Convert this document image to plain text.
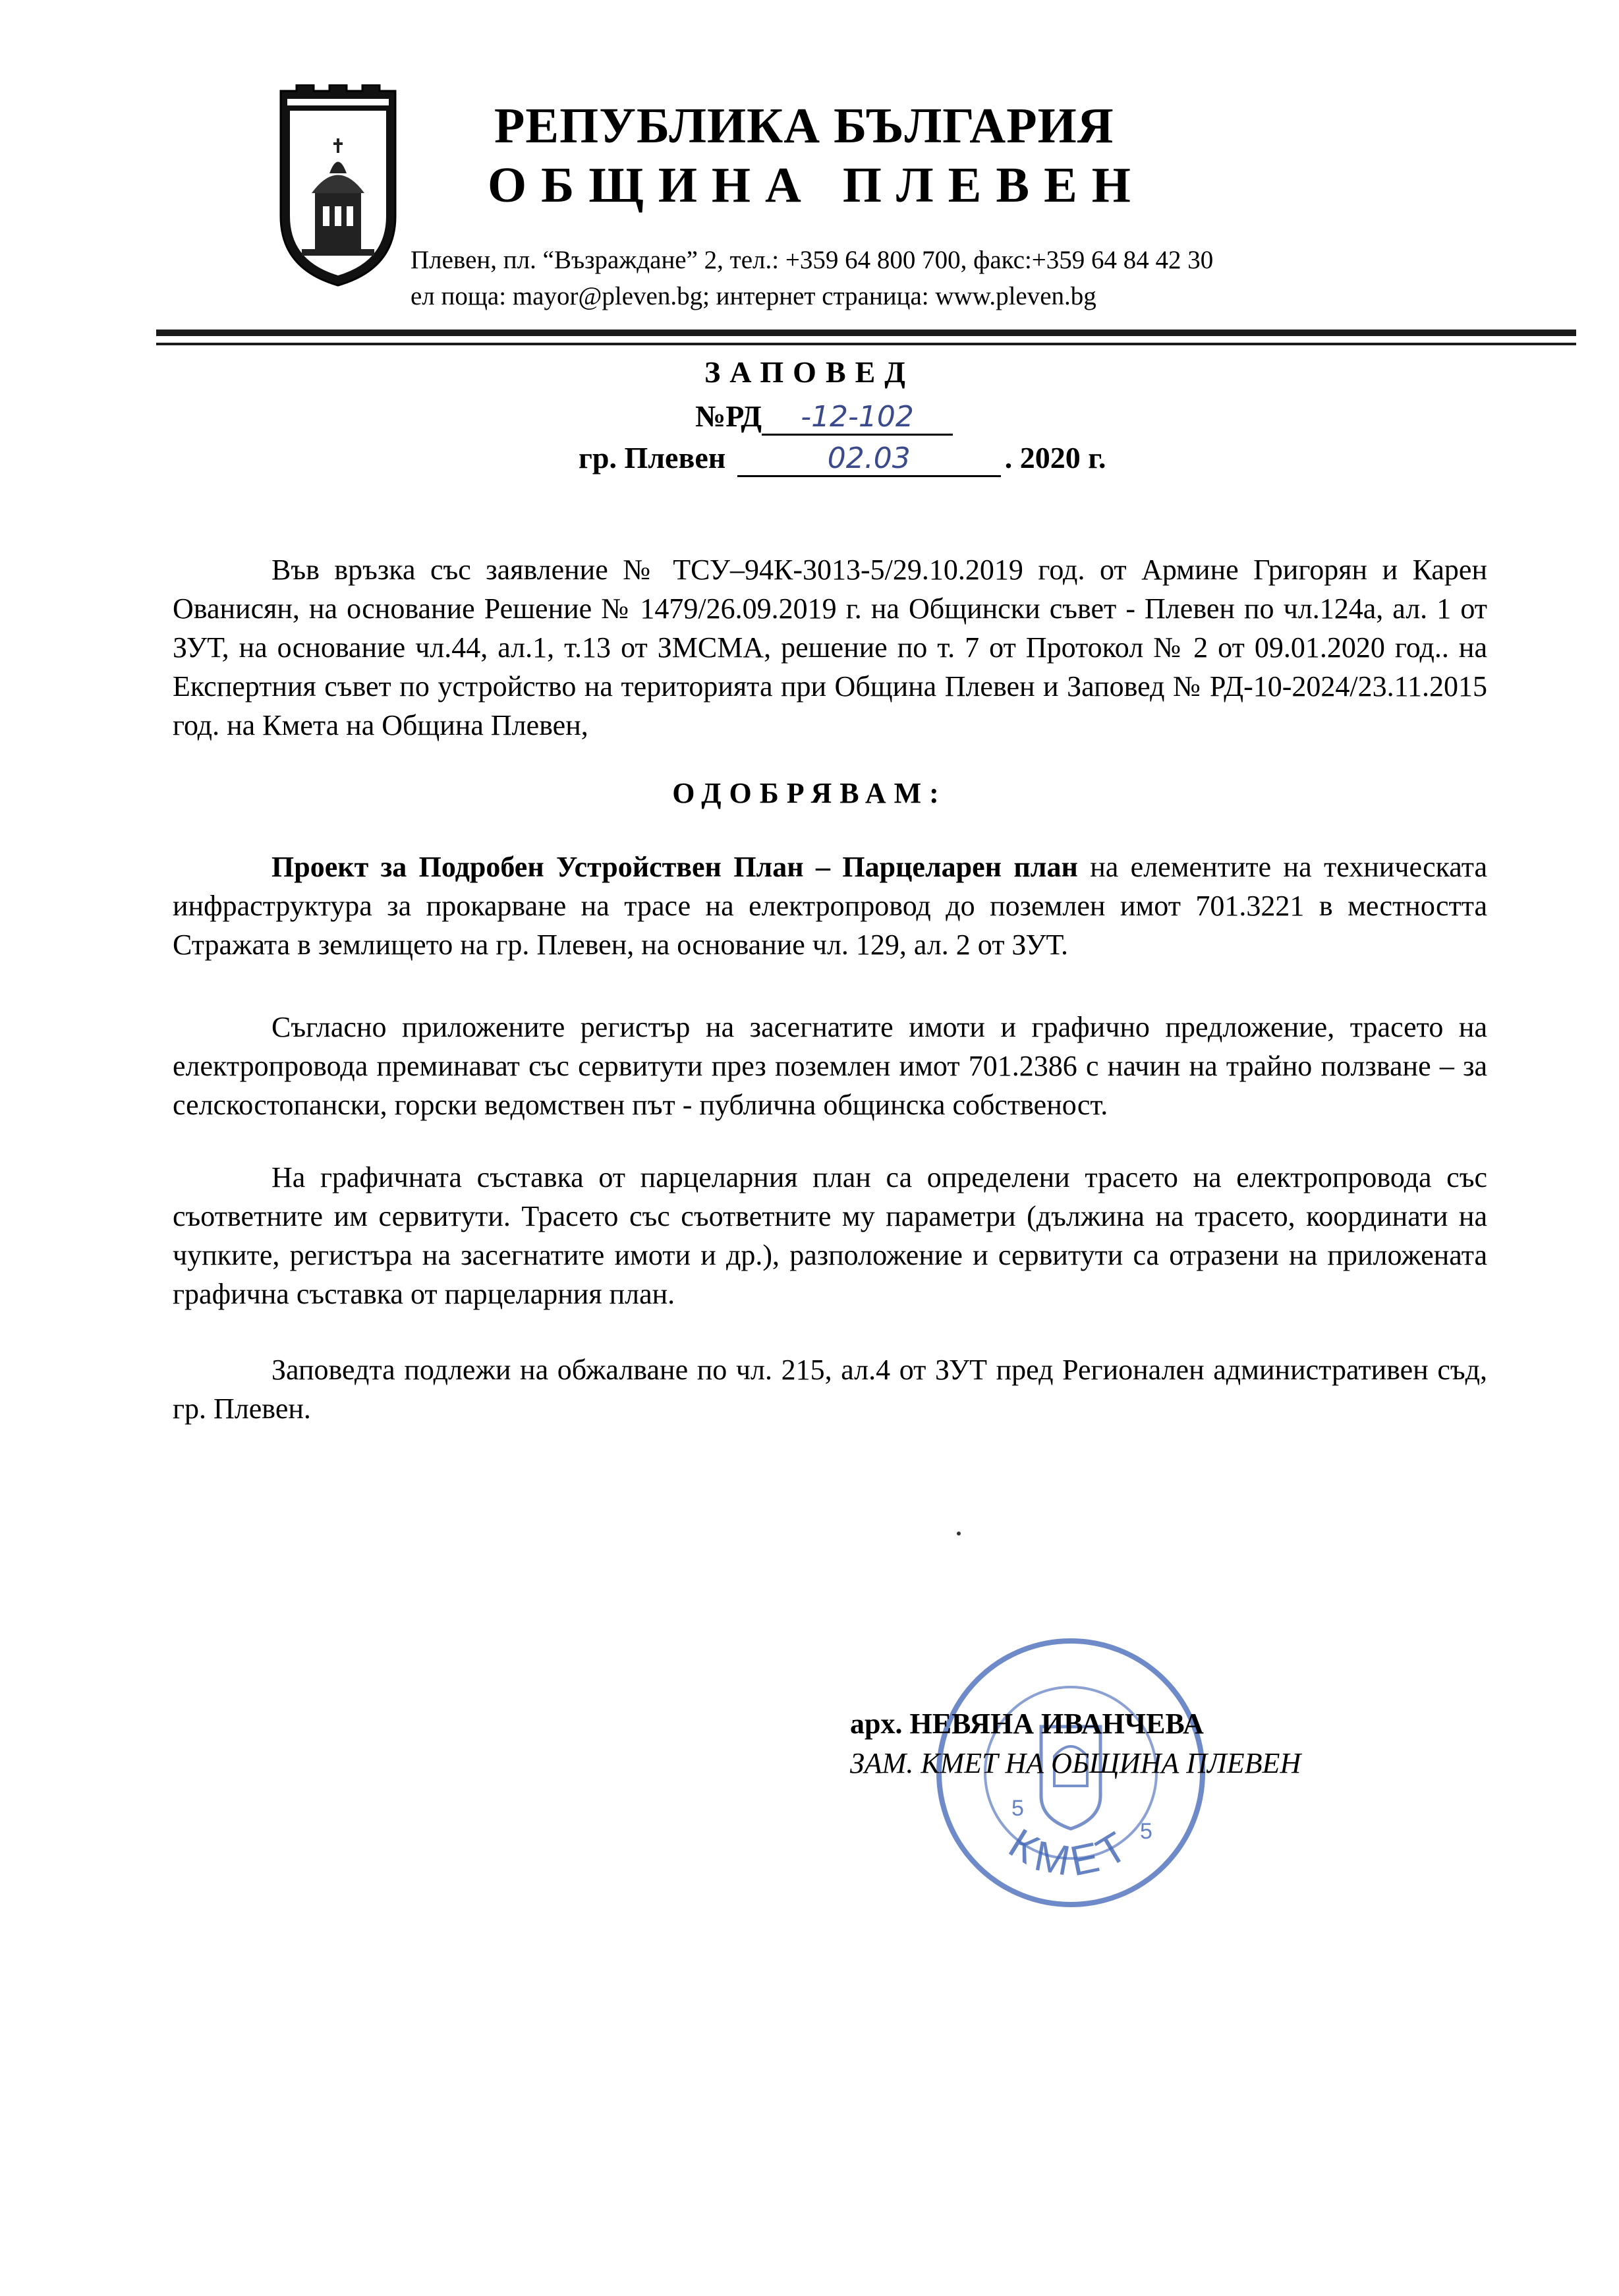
РЕПУБЛИКА БЪЛГАРИЯ
ОБЩИНА ПЛЕВЕН
Плевен, пл. “Възраждане” 2, тел.: +359 64 800 700, факс:+359 64 84 42 30
ел поща: mayor@pleven.bg; интернет страница: www.pleven.bg
ЗАПОВЕД
№РД -12-102
гр. Плевен	02.03	. 2020 г.
Във връзка със заявление № ТСУ–94К-3013-5/29.10.2019 год. от Армине Григорян и Карен Ованисян, на основание Решение № 1479/26.09.2019 г. на Общински съвет - Плевен по чл.124а, ал. 1 от ЗУТ, на основание чл.44, ал.1, т.13 от ЗМСМА, решение по т. 7 от Протокол № 2 от 09.01.2020 год.. на Експертния съвет по устройство на територията при Община Плевен и Заповед № РД-10-2024/23.11.2015 год. на Кмета на Община Плевен,
ОДОБРЯВАМ:
Проект за Подробен Устройствен План – Парцеларен план на елементите на техническата инфраструктура за прокарване на трасе на електропровод до поземлен имот 701.3221 в местността Стражата в землището на гр. Плевен, на основание чл. 129, ал. 2 от ЗУТ.
Съгласно приложените регистър на засегнатите имоти и графично предложение, трасето на електропровода преминават със сервитути през поземлен имот 701.2386 с начин на трайно ползване – за селскостопански, горски ведомствен път - публична общинска собственост.
На графичната съставка от парцеларния план са определени трасето на електропровода със съответните им сервитути. Трасето със съответните му параметри (дължина на трасето, координати на чупките, регистъра на засегнатите имоти и др.), разположение и сервитути са отразени на приложената графична съставка от парцеларния план.
Заповедта подлежи на обжалване по чл. 215, ал.4 от ЗУТ пред Регионален административен съд, гр. Плевен.
КМЕТ
5
5
арх. НЕВЯНА ИВАНЧЕВА
ЗАМ. КМЕТ НА ОБЩИНА ПЛЕВЕН
